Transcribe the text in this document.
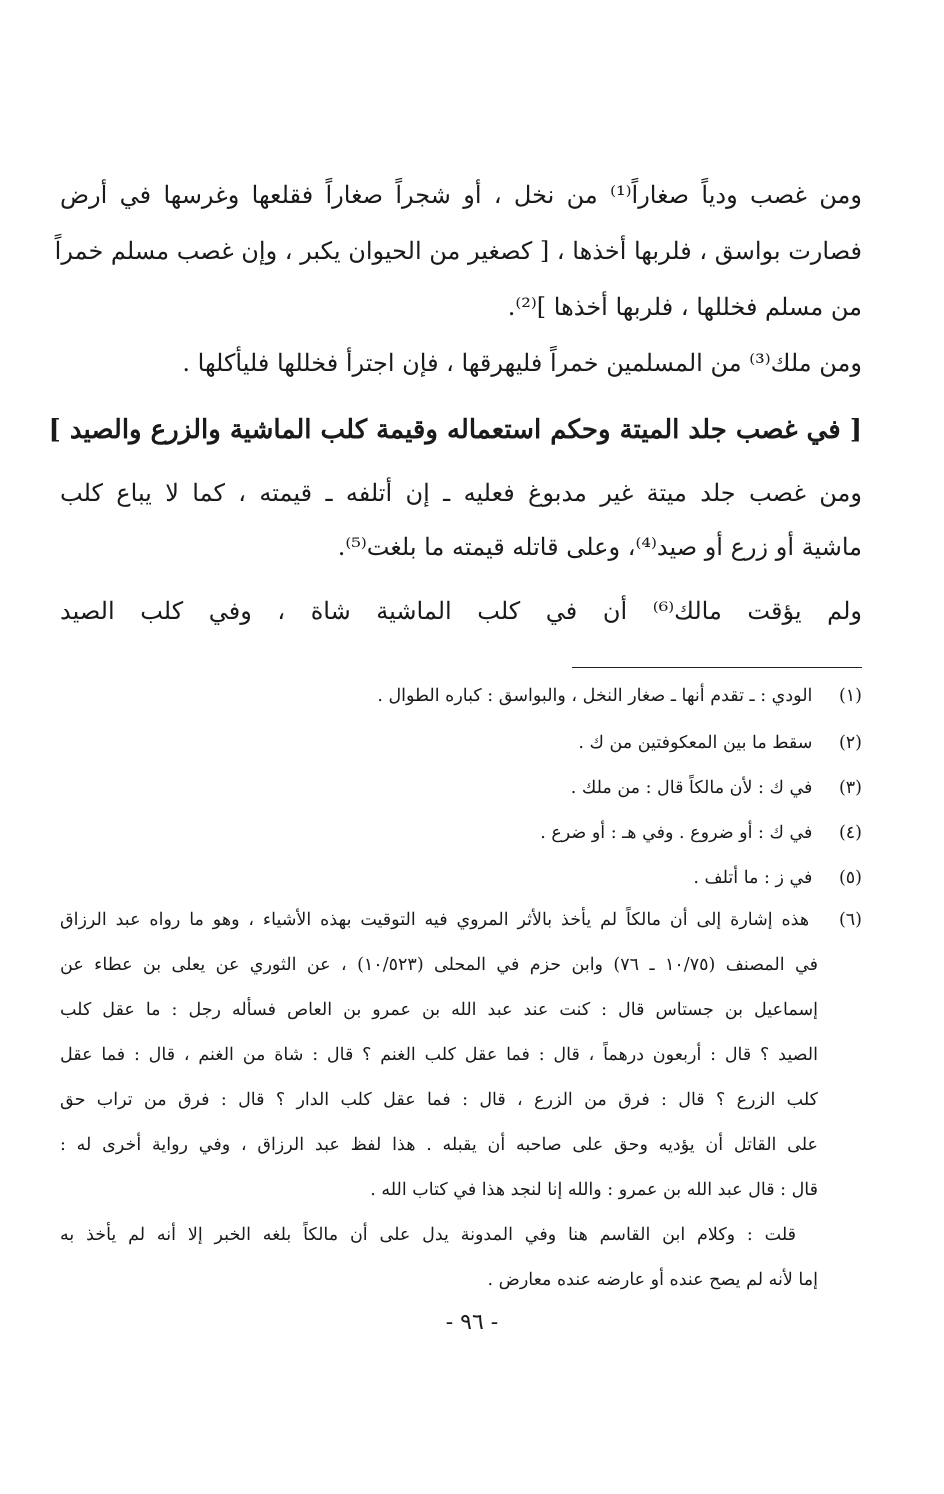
ومن غصب ودياً صغاراً⁽¹⁾ من نخل ، أو شجراً صغاراً فقلعها وغرسها في أرض
فصارت بواسق ، فلربها أخذها ، [ كصغير من الحيوان يكبر ، وإن غصب مسلم خمراً
من مسلم فخللها ، فلربها أخذها ]⁽²⁾.
ومن ملك⁽³⁾ من المسلمين خمراً فليهرقها ، فإن اجترأ فخللها فليأكلها .
[ في غصب جلد الميتة وحكم استعماله وقيمة كلب الماشية والزرع والصيد ]
ومن غصب جلد ميتة غير مدبوغ فعليه ـ إن أتلفه ـ قيمته ، كما لا يباع كلب
ماشية أو زرع أو صيد⁽⁴⁾، وعلى قاتله قيمته ما بلغت⁽⁵⁾.
ولم يؤقت مالك⁽⁶⁾ أن في كلب الماشية شاة ، وفي كلب الصيد
(١) الودي : ـ تقدم أنها ـ صغار النخل ، والبواسق : كباره الطوال .
(٢) سقط ما بين المعكوفتين من ك .
(٣) في ك : لأن مالكاً قال : من ملك .
(٤) في ك : أو ضروع . وفي هـ : أو ضرع .
(٥) في ز : ما أتلف .
(٦) هذه إشارة إلى أن مالكاً لم يأخذ بالأثر المروي فيه التوقيت بهذه الأشياء ، وهو ما رواه عبد الرزاق
في المصنف (١٠/٧٥ ـ ٧٦) وابن حزم في المحلى (١٠/٥٢٣) ، عن الثوري عن يعلى بن عطاء عن
إسماعيل بن جستاس قال : كنت عند عبد الله بن عمرو بن العاص فسأله رجل : ما عقل كلب
الصيد ؟ قال : أربعون درهماً ، قال : فما عقل كلب الغنم ؟ قال : شاة من الغنم ، قال : فما عقل
كلب الزرع ؟ قال : فرق من الزرع ، قال : فما عقل كلب الدار ؟ قال : فرق من تراب حق
على القاتل أن يؤديه وحق على صاحبه أن يقبله . هذا لفظ عبد الرزاق ، وفي رواية أخرى له :
قال : قال عبد الله بن عمرو : والله إنا لنجد هذا في كتاب الله .
قلت : وكلام ابن القاسم هنا وفي المدونة يدل على أن مالكاً بلغه الخبر إلا أنه لم يأخذ به
إما لأنه لم يصح عنده أو عارضه عنده معارض .
- ٩٦ -
